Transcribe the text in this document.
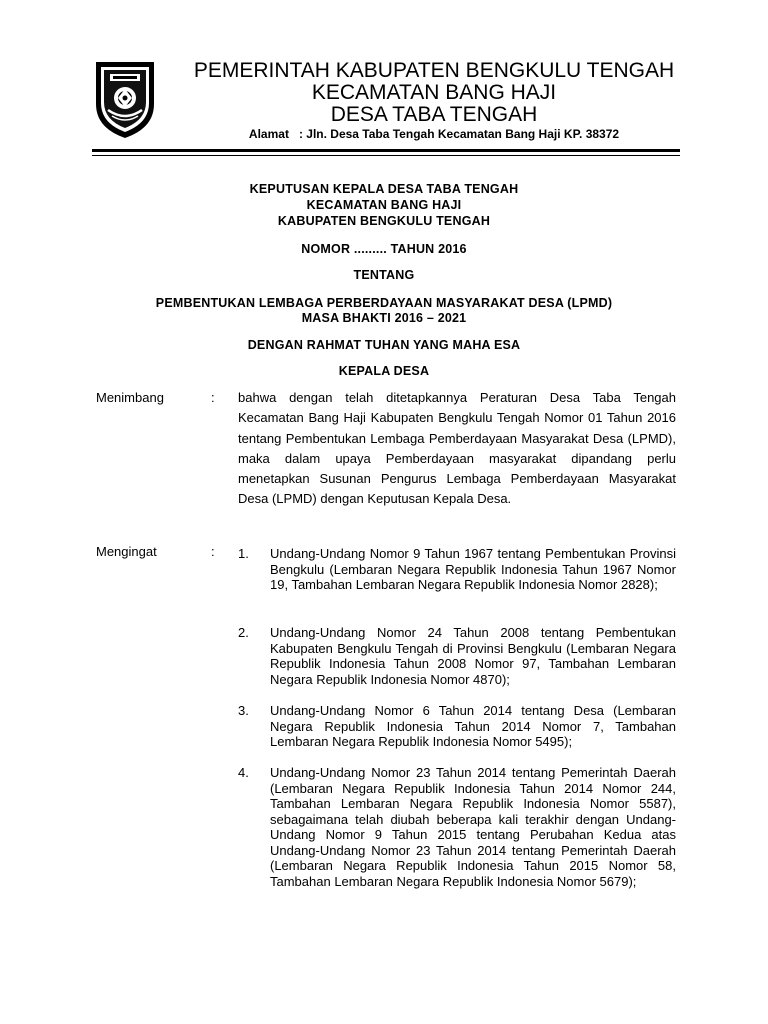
PEMERINTAH KABUPATEN BENGKULU TENGAH
KECAMATAN BANG HAJI
DESA TABA TENGAH
Alamat   : Jln. Desa Taba Tengah Kecamatan Bang Haji KP. 38372
KEPUTUSAN KEPALA DESA TABA TENGAH
KECAMATAN BANG HAJI
KABUPATEN BENGKULU TENGAH
NOMOR ......... TAHUN 2016
TENTANG
PEMBENTUKAN LEMBAGA PERBERDAYAAN MASYARAKAT DESA (LPMD)
MASA BHAKTI 2016 – 2021
DENGAN RAHMAT TUHAN YANG MAHA ESA
KEPALA DESA
Menimbang	: bahwa dengan telah ditetapkannya Peraturan Desa Taba Tengah Kecamatan Bang Haji Kabupaten Bengkulu Tengah Nomor 01 Tahun 2016 tentang Pembentukan Lembaga Pemberdayaan Masyarakat Desa (LPMD), maka dalam upaya Pemberdayaan masyarakat dipandang perlu menetapkan Susunan Pengurus Lembaga Pemberdayaan Masyarakat Desa (LPMD) dengan Keputusan Kepala Desa.
Mengingat	: 1. Undang-Undang Nomor 9 Tahun 1967 tentang Pembentukan Provinsi Bengkulu (Lembaran Negara Republik Indonesia Tahun 1967 Nomor 19, Tambahan Lembaran Negara Republik Indonesia Nomor 2828);
2. Undang-Undang Nomor 24 Tahun 2008 tentang Pembentukan Kabupaten Bengkulu Tengah di Provinsi Bengkulu (Lembaran Negara Republik Indonesia Tahun 2008 Nomor 97, Tambahan Lembaran Negara Republik Indonesia Nomor 4870);
3. Undang-Undang Nomor 6 Tahun 2014 tentang Desa (Lembaran Negara Republik Indonesia Tahun 2014 Nomor 7, Tambahan Lembaran Negara Republik Indonesia Nomor 5495);
4. Undang-Undang Nomor 23 Tahun 2014 tentang Pemerintah Daerah (Lembaran Negara Republik Indonesia Tahun 2014 Nomor 244, Tambahan Lembaran Negara Republik Indonesia Nomor 5587), sebagaimana telah diubah beberapa kali terakhir dengan Undang-Undang Nomor 9 Tahun 2015 tentang Perubahan Kedua atas Undang-Undang Nomor 23 Tahun 2014 tentang Pemerintah Daerah (Lembaran Negara Republik Indonesia Tahun 2015 Nomor 58, Tambahan Lembaran Negara Republik Indonesia Nomor 5679);
